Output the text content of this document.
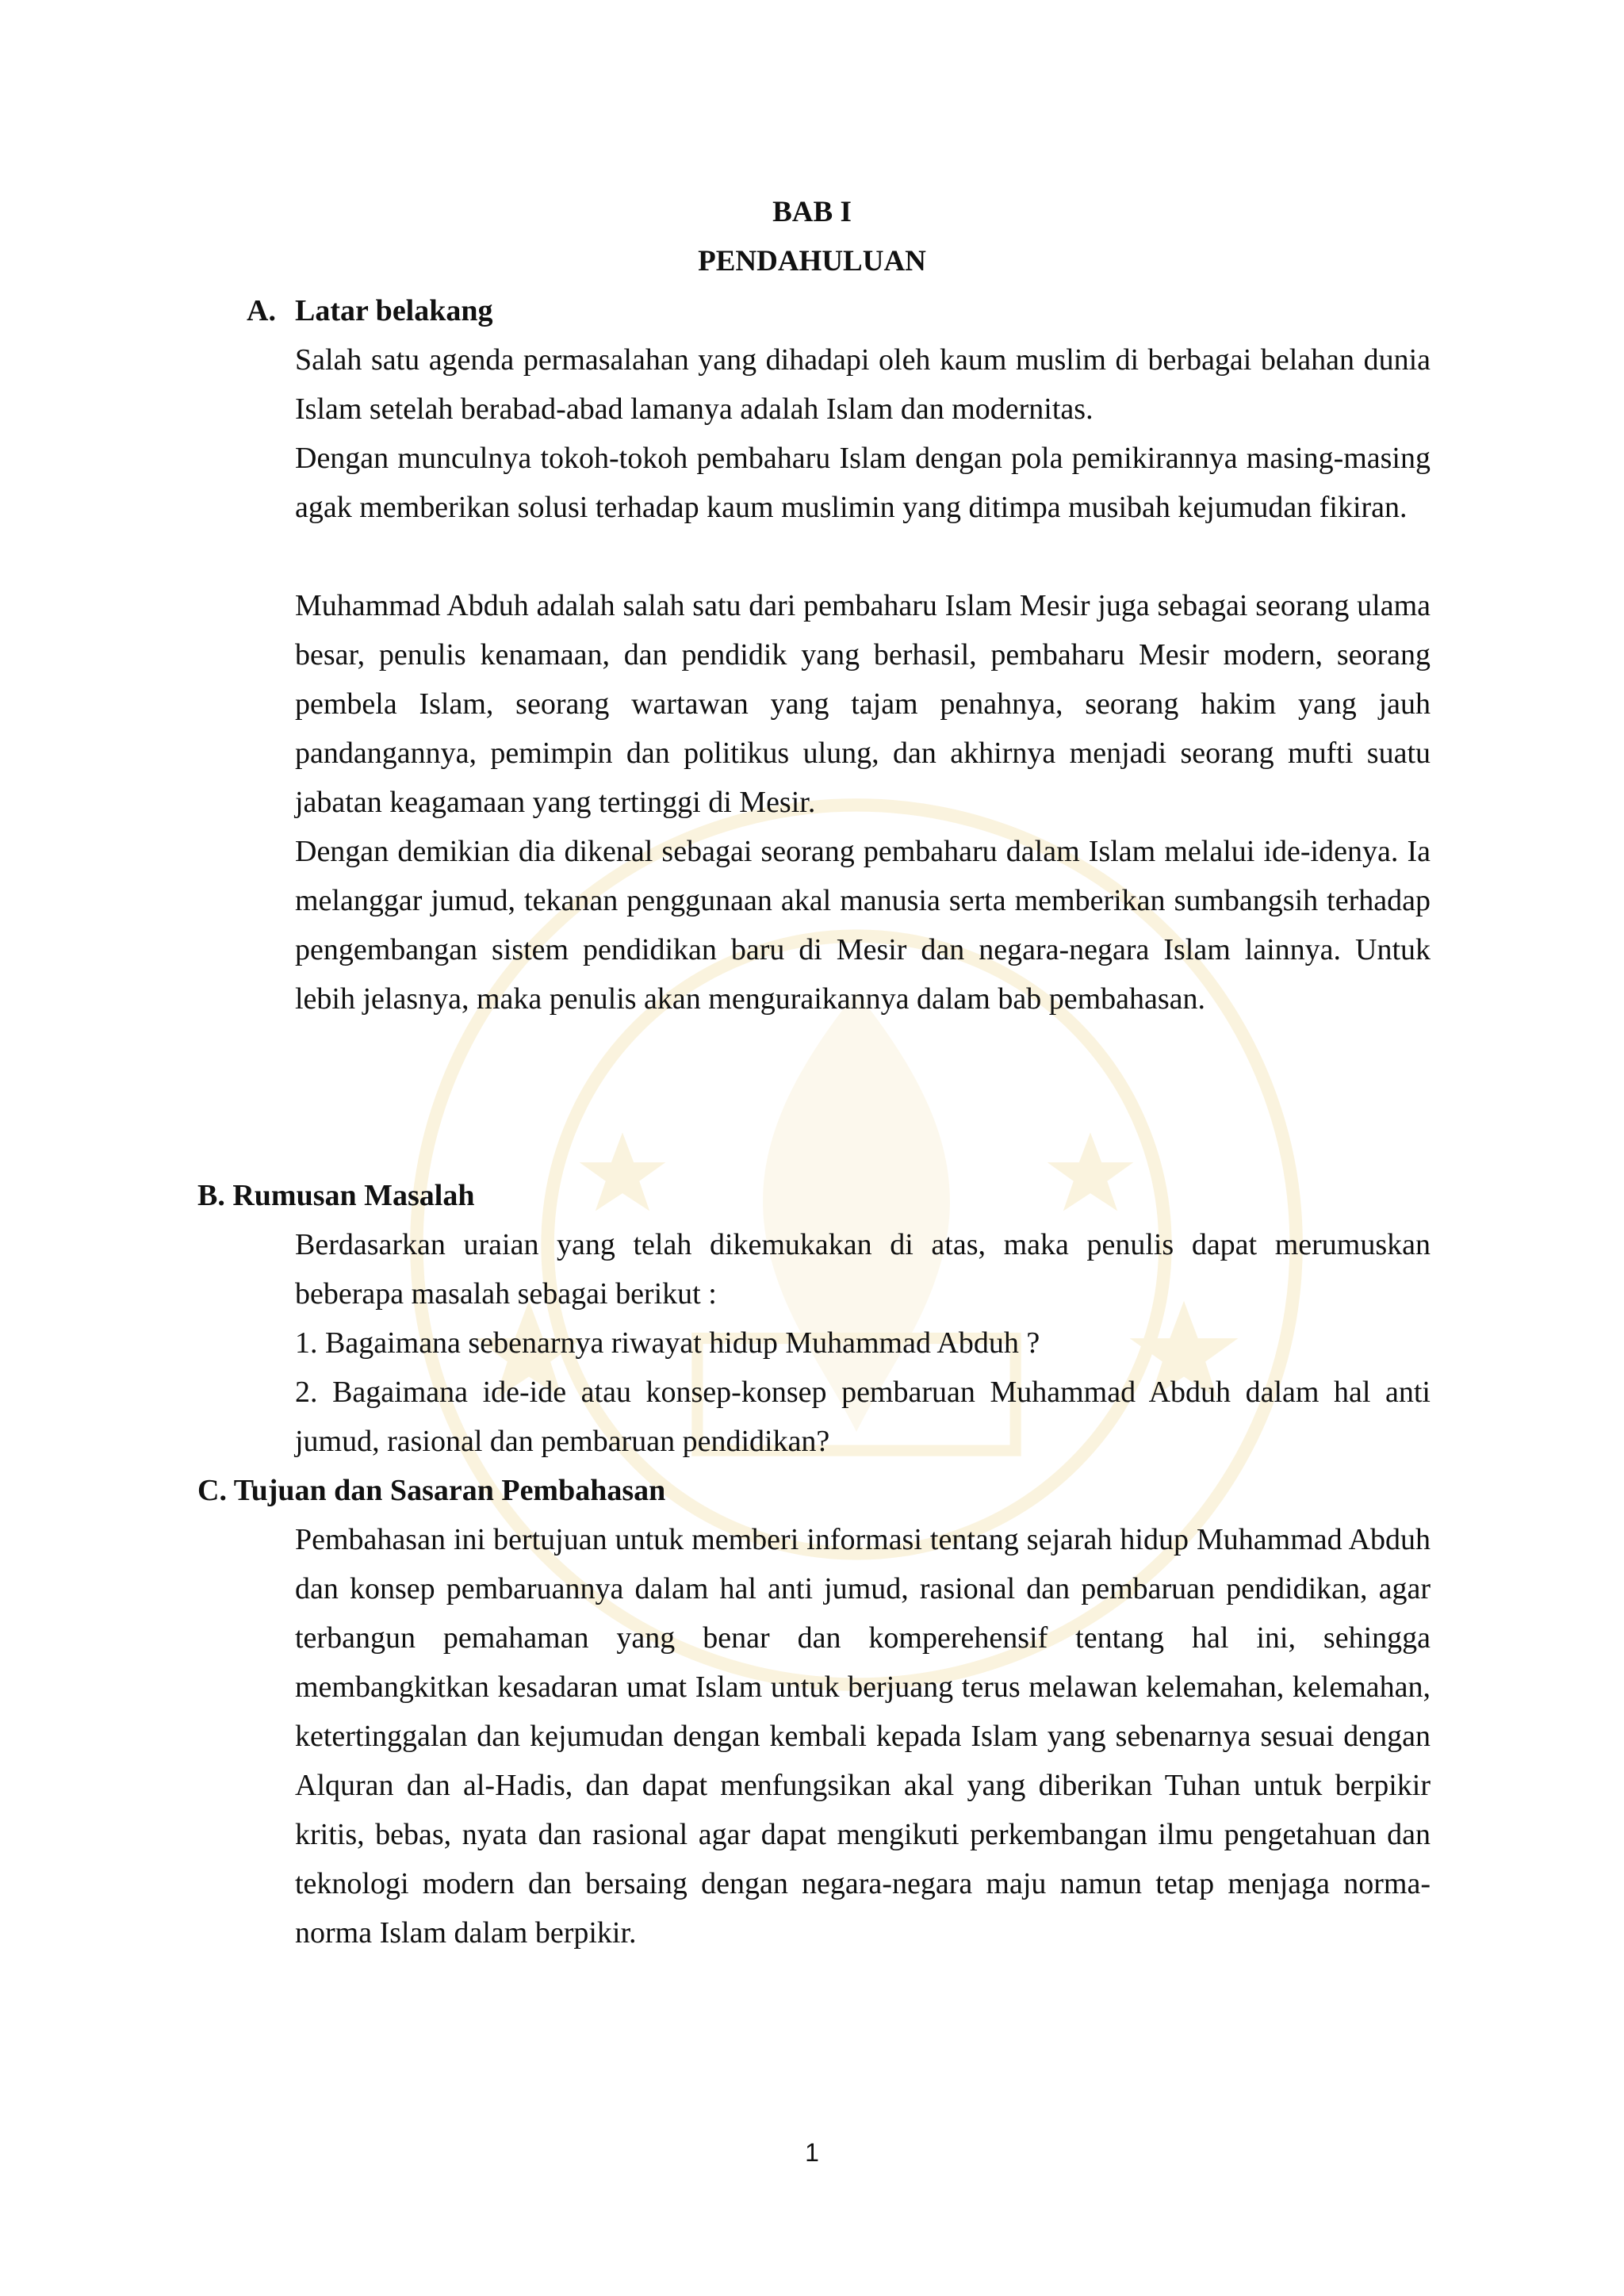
BAB I
PENDAHULUAN
A. Latar belakang
Salah satu agenda permasalahan yang dihadapi oleh kaum muslim di berbagai belahan dunia Islam setelah berabad-abad lamanya adalah Islam dan modernitas.
Dengan munculnya tokoh-tokoh pembaharu Islam dengan pola pemikirannya masing-masing agak memberikan solusi terhadap kaum muslimin yang ditimpa musibah kejumudan fikiran.
Muhammad Abduh adalah salah satu dari pembaharu Islam Mesir juga sebagai seorang ulama besar, penulis kenamaan, dan pendidik yang berhasil, pembaharu Mesir modern, seorang pembela Islam, seorang wartawan yang tajam penahnya, seorang hakim yang jauh pandangannya, pemimpin dan politikus ulung, dan akhirnya menjadi seorang mufti suatu jabatan keagamaan yang tertinggi di Mesir.
Dengan demikian dia dikenal sebagai seorang pembaharu dalam Islam melalui ide-idenya. Ia melanggar jumud, tekanan penggunaan akal manusia serta memberikan sumbangsih terhadap pengembangan sistem pendidikan baru di Mesir dan negara-negara Islam lainnya. Untuk lebih jelasnya, maka penulis akan menguraikannya dalam bab pembahasan.
B. Rumusan Masalah
Berdasarkan uraian yang telah dikemukakan di atas, maka penulis dapat merumuskan beberapa masalah sebagai berikut :
1. Bagaimana sebenarnya riwayat hidup Muhammad Abduh ?
2. Bagaimana ide-ide atau konsep-konsep pembaruan Muhammad Abduh dalam hal anti jumud, rasional dan pembaruan pendidikan?
C. Tujuan dan Sasaran Pembahasan
Pembahasan ini bertujuan untuk memberi informasi tentang sejarah hidup Muhammad Abduh dan konsep pembaruannya dalam hal anti jumud, rasional dan pembaruan pendidikan, agar terbangun pemahaman yang benar dan komperehensif tentang hal ini, sehingga membangkitkan kesadaran umat Islam untuk berjuang terus melawan kelemahan, kelemahan, ketertinggalan dan kejumudan dengan kembali kepada Islam yang sebenarnya sesuai dengan Alquran dan al-Hadis, dan dapat menfungsikan akal yang diberikan Tuhan untuk berpikir kritis, bebas, nyata dan rasional agar dapat mengikuti perkembangan ilmu pengetahuan dan teknologi modern dan bersaing dengan negara-negara maju namun tetap menjaga norma-norma Islam dalam berpikir.
1
